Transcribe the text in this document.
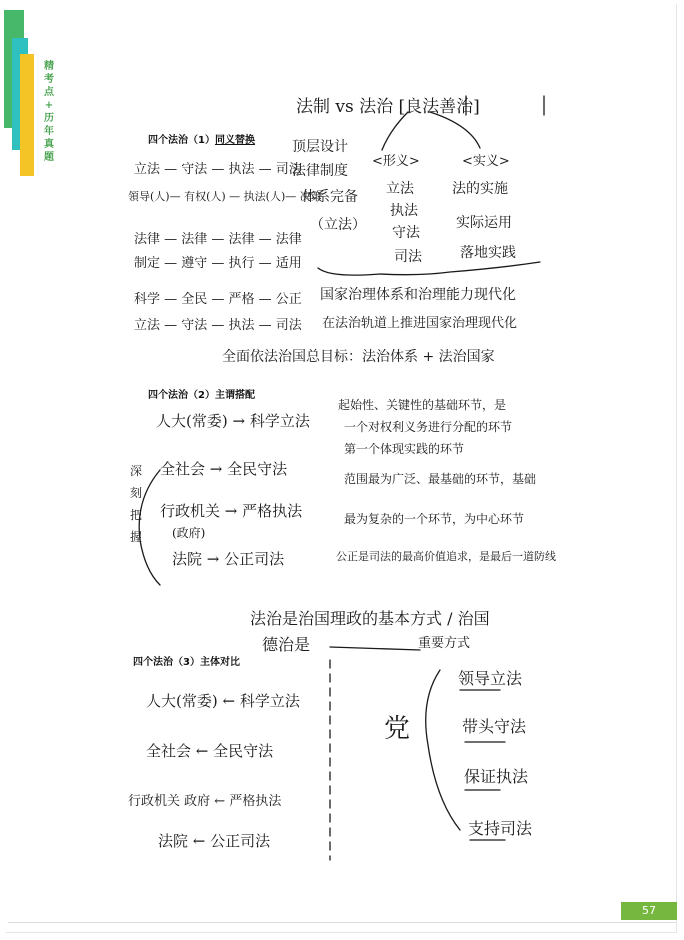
精
考
点
+
历
年
真
题
四个法治（1）同义替换
四个法治（2）主谓搭配
四个法治（3）主体对比
法制 vs 法治 [良法善治]
顶层设计
法律制度
体系完备
（立法）
<形义>	<实义>
立法
执法
守法
司法
法的实施
实际运用
落地实践
立法 — 守法 — 执法 — 司法
領导(人)— 有权(人) — 执法(人)— 决策
法律 — 法律 — 法律 — 法律
制定 — 遵守 — 执行 — 适用
科学 — 全民 — 严格 — 公正
立法 — 守法 — 执法 — 司法
国家治理体系和治理能力现代化
在法治轨道上推进国家治理现代化
全面依法治国总目标：法治体系 + 法治国家
人大(常委) → 科学立法
全社会 → 全民守法
行政机关 → 严格执法
(政府)
法院 → 公正司法
深刻 把握
起始性、关键性的基础环节，是
一个对权利义务进行分配的环节
第一个体现实践的环节
范围最为广泛、最基础的环节，基础
最为复杂的一个环节，为中心环节
公正是司法的最高价值追求，是最后一道防线
法治是治国理政的基本方式 / 治国
德治是	重要方式
党
领导立法
带头守法
保证执法
支持司法
人大(常委) ← 科学立法
全社会 ← 全民守法
行政机关 政府 ← 严格执法
法院 ← 公正司法
57
